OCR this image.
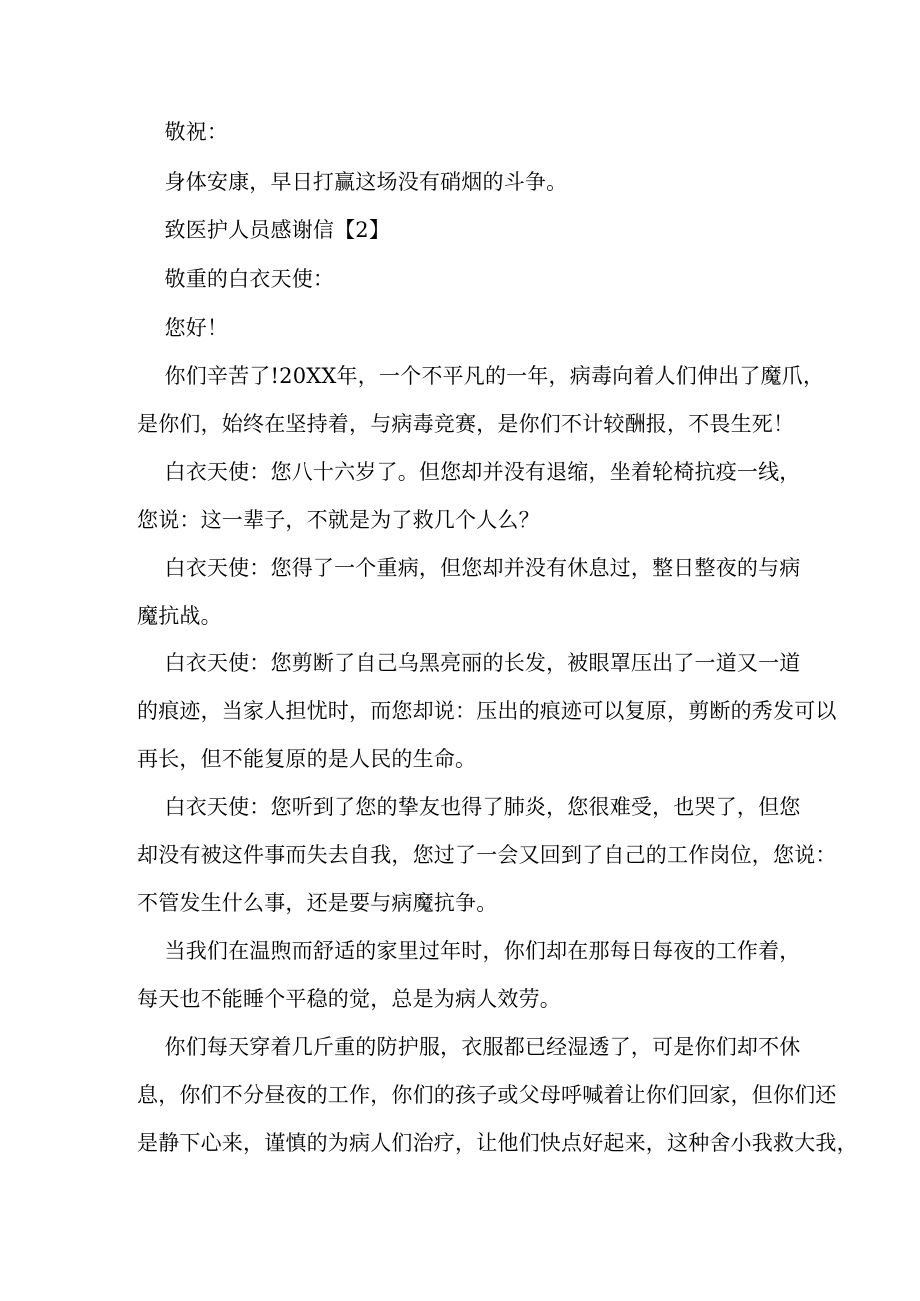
敬祝：

身体安康，早日打赢这场没有硝烟的斗争。

致医护人员感谢信【2】

敬重的白衣天使：

您好！

你们辛苦了!20XX年，一个不平凡的一年，病毒向着人们伸出了魔爪，

是你们，始终在坚持着，与病毒竞赛，是你们不计较酬报，不畏生死！

白衣天使：您八十六岁了。但您却并没有退缩，坐着轮椅抗疫一线，

您说：这一辈子，不就是为了救几个人么？

白衣天使：您得了一个重病，但您却并没有休息过，整日整夜的与病

魔抗战。

白衣天使：您剪断了自己乌黑亮丽的长发，被眼罩压出了一道又一道

的痕迹，当家人担忧时，而您却说：压出的痕迹可以复原，剪断的秀发可以

再长，但不能复原的是人民的生命。

白衣天使：您听到了您的挚友也得了肺炎，您很难受，也哭了，但您

却没有被这件事而失去自我，您过了一会又回到了自己的工作岗位，您说：

不管发生什么事，还是要与病魔抗争。

当我们在温煦而舒适的家里过年时，你们却在那每日每夜的工作着，

每天也不能睡个平稳的觉，总是为病人效劳。

你们每天穿着几斤重的防护服，衣服都已经湿透了，可是你们却不休

息，你们不分昼夜的工作，你们的孩子或父母呼喊着让你们回家，但你们还

是静下心来，谨慎的为病人们治疗，让他们快点好起来，这种舍小我救大我，
